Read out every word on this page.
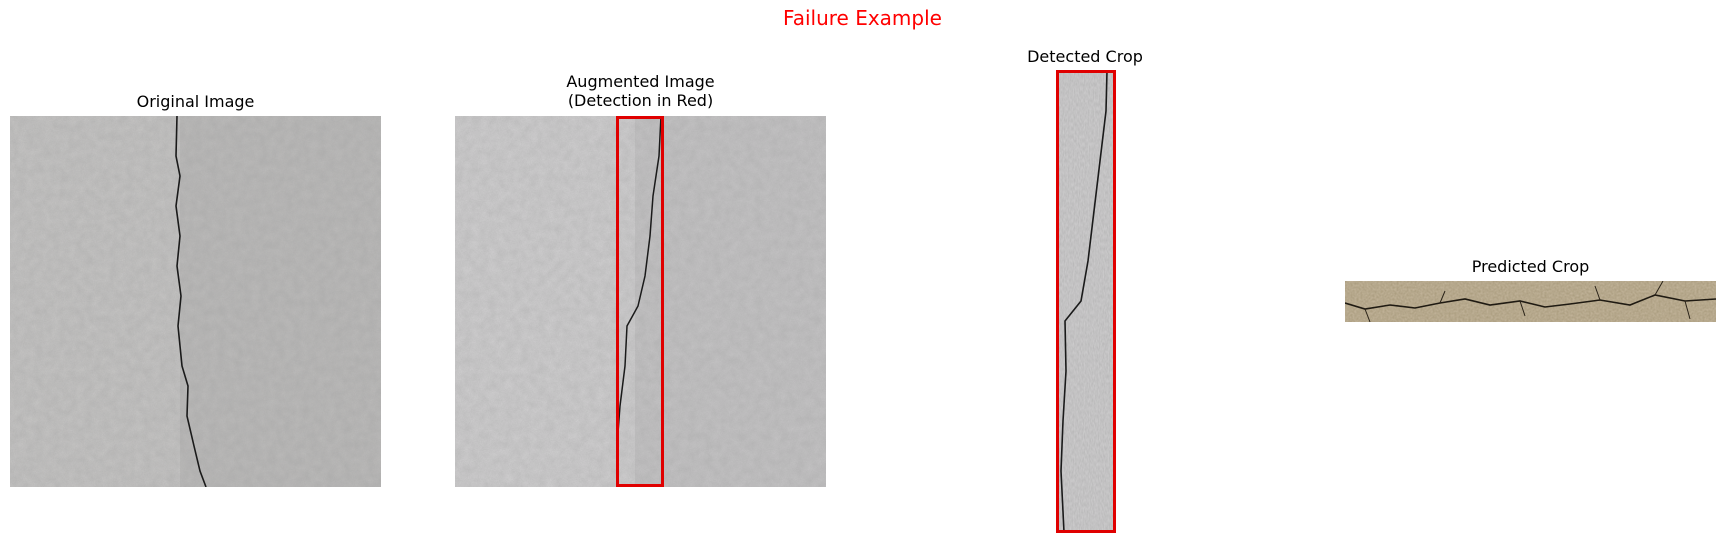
Failure Example
Original Image
Augmented Image
(Detection in Red)
Detected Crop
Predicted Crop
